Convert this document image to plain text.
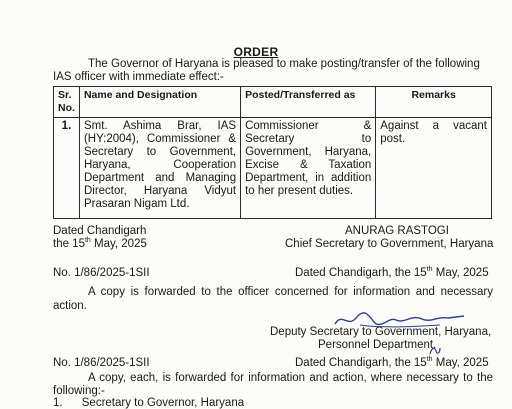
ORDER
The Governor of Haryana is pleased to make posting/transfer of the following IAS officer with immediate effect:-
Sr. No.	Name and Designation	Posted/Transferred as	Remarks
1.	Smt. Ashima Brar, IAS (HY:2004), Commissioner & Secretary to Government, Haryana, Cooperation Department and Managing Director, Haryana Vidyut Prasaran Nigam Ltd.	Commissioner & Secretary to Government, Haryana, Excise & Taxation Department, in addition to her present duties.	Against a vacant post.
Dated Chandigarh
the 15th May, 2025
ANURAG RASTOGI
Chief Secretary to Government, Haryana
No. 1/86/2025-1SII	Dated Chandigarh, the 15th May, 2025
A copy is forwarded to the officer concerned for information and necessary action.
Deputy Secretary to Government, Haryana,
Personnel Department.
No. 1/86/2025-1SII	Dated Chandigarh, the 15th May, 2025
A copy, each, is forwarded for information and action, where necessary to the following:-
1.      Secretary to Governor, Haryana
